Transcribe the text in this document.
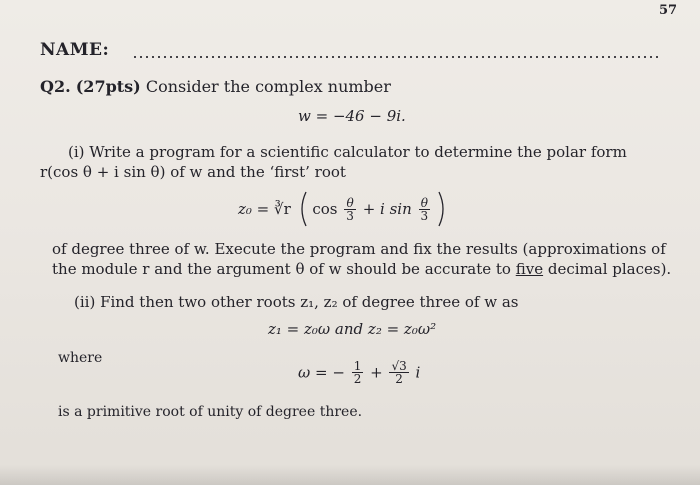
57
NAME:
Q2. (27pts) Consider the complex number
w = −46 − 9i.
(i) Write a program for a scientific calculator to determine the polar form
r(cos θ + i sin θ) of w and the ‘first’ root
z₀ = ∛r $\cos \frac{\theta}{3} + i$ $\sin \frac{\theta}{3}$

of degree three of w. Execute the program and fix the results (approximations of
the module r and the argument θ of w should be accurate to five decimal places).
(ii) Find then two other roots z₁, z₂ of degree three of w as
z₁ = z₀ω and z₂ = z₀ω²
where
ω = − $\frac{1}{2} + \frac{√3}{2}$ i
is a primitive root of unity of degree three.
